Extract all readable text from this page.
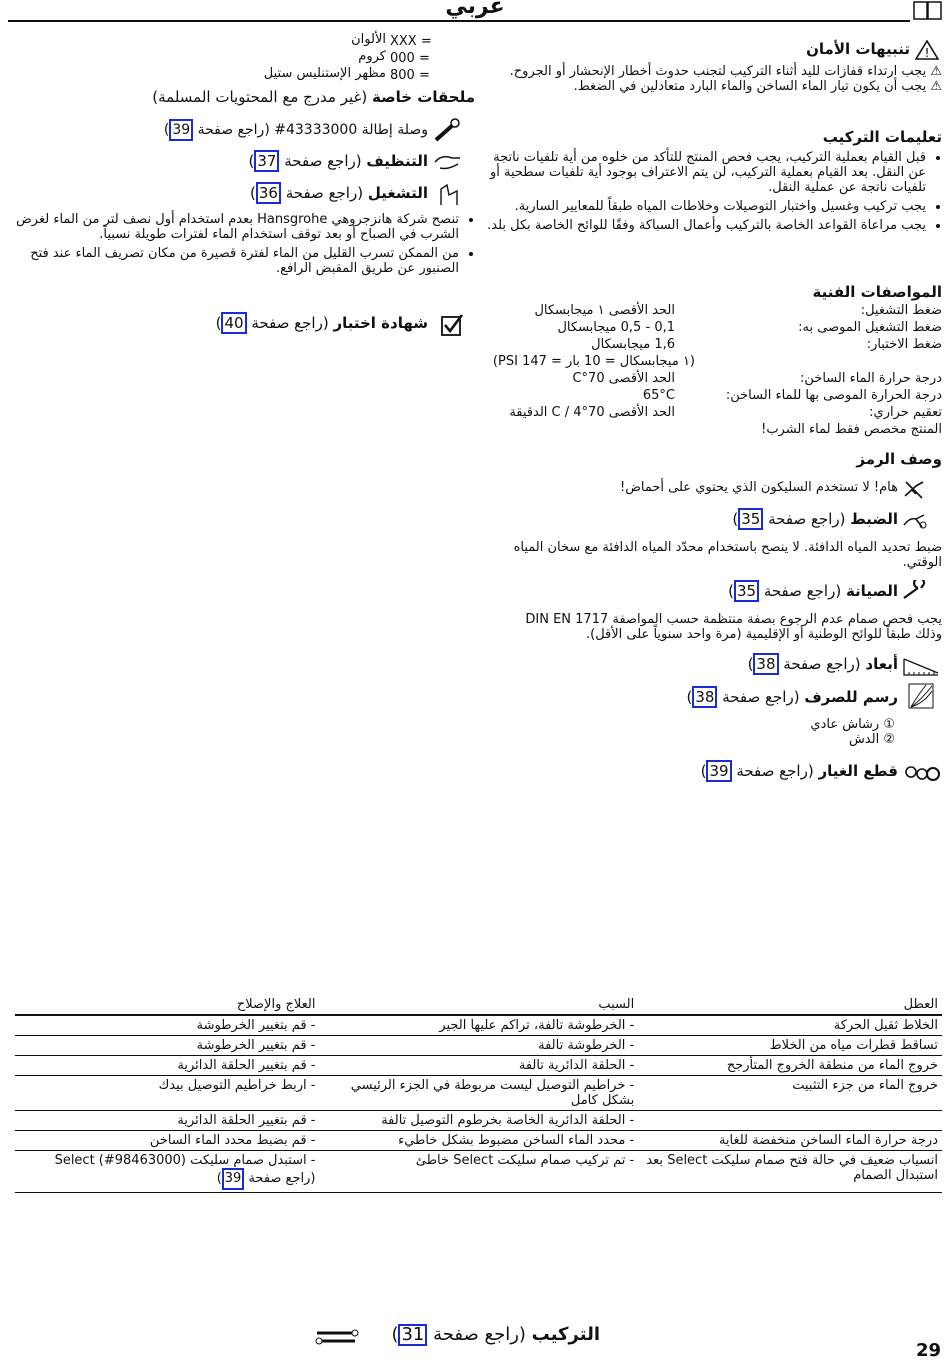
عربي
!
تنبيهات الأمان
⚠ يجب ارتداء قفازات لليد أثناء التركيب لتجنب حدوث أخطار الإنحشار أو الجروح.
⚠ يجب أن يكون تيار الماء الساخن والماء البارد متعادلين في الضغط.
تعليمات التركيب
• قبل القيام بعملية التركيب، يجب فحص المنتج للتأكد من خلوه من أية تلفيات ناتجة عن النقل. بعد القيام بعملية التركيب، لن يتم الاعتراف بوجود أية تلفيات سطحية أو تلفيات ناتجة عن عملية النقل.
• يجب تركيب وغسيل واختبار التوصيلات وخلاطات المياه طبقاً للمعايير السارية.
• يجب مراعاة القواعد الخاصة بالتركيب وأعمال السباكة وفقًا للوائح الخاصة بكل بلد.
المواصفات الفنية
ضغط التشغيل:
الحد الأقصى ١ ميجابسكال
ضغط التشغيل الموصى به:
0,1 - 0,5 ميجابسكال
ضغط الاختبار:
1,6 ميجابسكال
(١ ميجابسكال = 10 بار = 147 PSI)
درجة حرارة الماء الساخن:
الحد الأقصى 70°C
درجة الحرارة الموصى بها للماء الساخن:
65°C
تعقيم حراري:
الحد الأقصى 70°C / 4 الدقيقة
المنتج مخصص فقط لماء الشرب!
وصف الرمز
هام! لا تستخدم السليكون الذي يحتوي على أحماض!
الضبط (راجع صفحة 35)
ضبط تحديد المياه الدافئة. لا ينصح باستخدام محدّد المياه الدافئة مع سخان المياه الوقتي.
الصيانة (راجع صفحة 35)
يجب فحص صمام عدم الرجوع بصفة منتظمة حسب المواصفة DIN EN 1717 وذلك طبقاً للوائح الوطنية أو الإقليمية (مرة واحد سنوياً على الأقل).
أبعاد (راجع صفحة 38)
رسم للصرف (راجع صفحة 38)
① رشاش عادي
② الدش
قطع الغيار (راجع صفحة 39)
XXX =
الألوان
000 =
كروم
800 =
مظهر الإستنليس ستيل
ملحقات خاصة (غير مدرج مع المحتويات المسلمة)
وصلة إطالة 43333000# (راجع صفحة 39)
التنظيف (راجع صفحة 37)
التشغيل (راجع صفحة 36)
• تنصح شركة هانزجروهي Hansgrohe بعدم استخدام أول نصف لتر من الماء لغرض الشرب في الصباح أو بعد توقف استخدام الماء لفترات طويلة نسبياً.
• من الممكن تسرب القليل من الماء لفترة قصيرة من مكان تصريف الماء عند فتح الصنبور عن طريق المقبض الرافع.
شهادة اختبار (راجع صفحة 40)
العطل	السبب	العلاج والإصلاح
الخلاط ثقيل الحركة	- الخرطوشة تالفة، تراكم عليها الجير	- قم بتغيير الخرطوشة
تساقط قطرات مياه من الخلاط	- الخرطوشة تالفة	- قم بتغيير الخرطوشة
خروج الماء من منطقة الخروج المتأرجح	- الحلقة الدائرية تالفة	- قم بتغيير الحلقة الدائرية
خروج الماء من جزء التثبيت	- خراطيم التوصيل ليست مربوطة في الجزء الرئيسي بشكل كامل	- اربط خراطيم التوصيل بيدك
	- الحلقة الدائرية الخاصة بخرطوم التوصيل تالفة	- قم بتغيير الحلقة الدائرية
درجة حرارة الماء الساخن منخفضة للغاية	- محدد الماء الساخن مضبوط بشكل خاطيء	- قم بضبط محدد الماء الساخن
انسياب ضعيف في حالة فتح صمام سليكت Select بعد استبدال الصمام	- تم تركيب صمام سليكت Select خاطئ	- استبدل صمام سليكت Select (#98463000)
(راجع صفحة 39)
التركيب (راجع صفحة 31)
29
